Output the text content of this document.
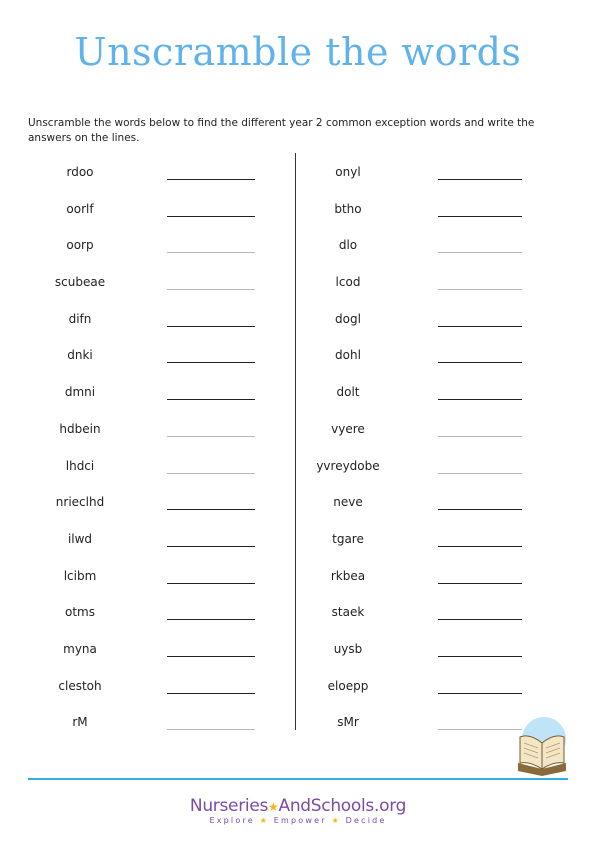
Unscramble the words
Unscramble the words below to find the different year 2 common exception words and write the answers on the lines.
rdoo
oorlf
oorp
scubeae
difn
dnki
dmni
hdbein
lhdci
nrieclhd
ilwd
lcibm
otms
myna
clestoh
rM
onyl
btho
dlo
lcod
dogl
dohl
dolt
vyere
yvreydobe
neve
tgare
rkbea
staek
uysb
eloepp
sMr
Nurseries★AndSchools.org
Explore ★ Empower ★ Decide
